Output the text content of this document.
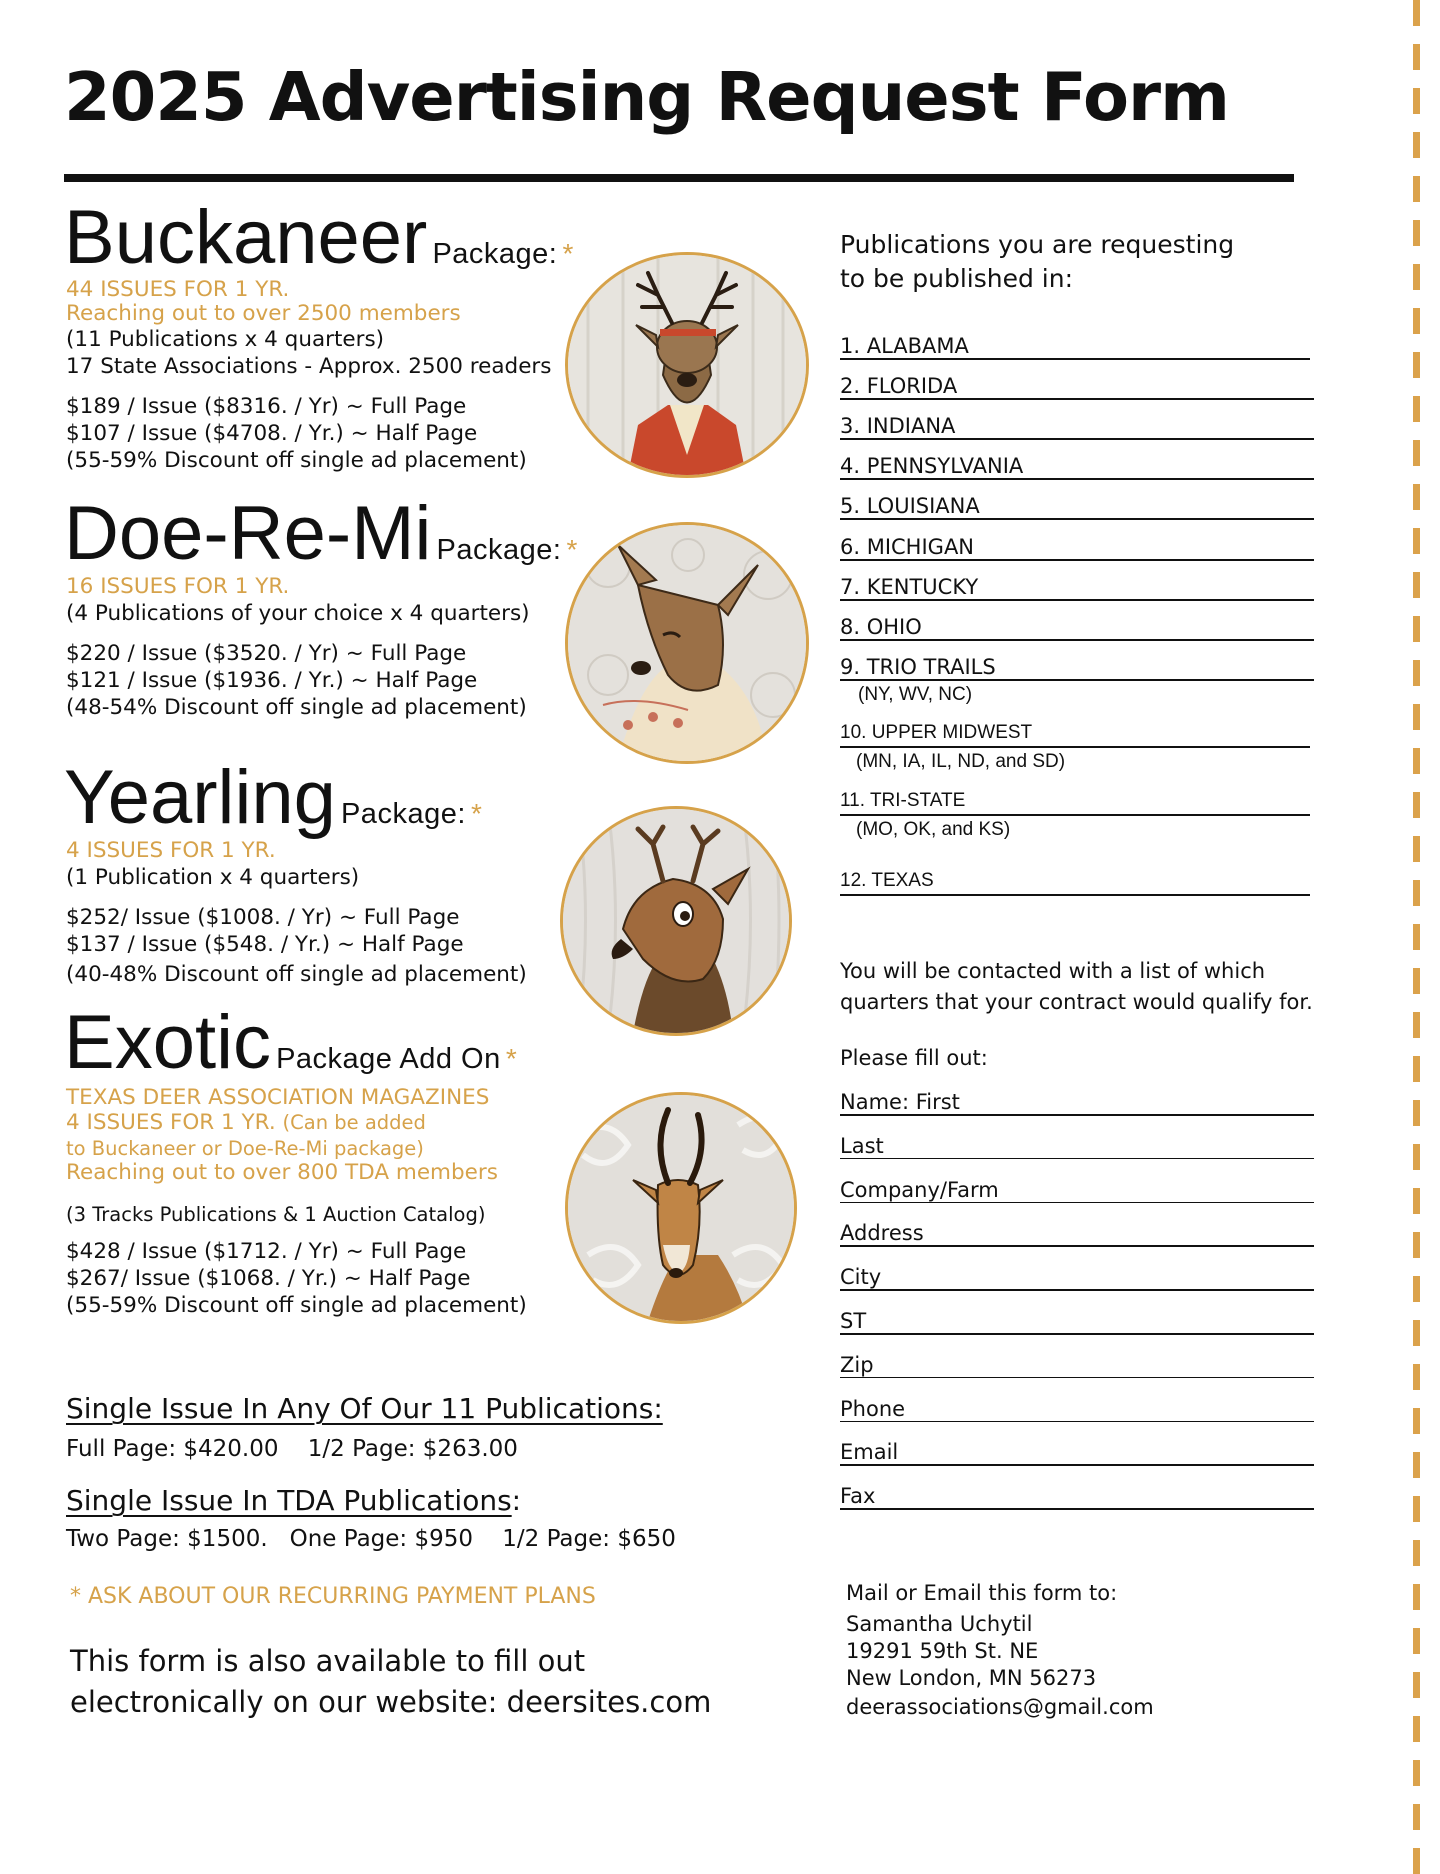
2025 Advertising Request Form
Buckaneer Package: *
44 ISSUES FOR 1 YR.
Reaching out to over 2500 members
(11 Publications x 4 quarters)
17 State Associations - Approx. 2500 readers
$189 / Issue ($8316. / Yr) ~ Full Page
$107 / Issue ($4708. / Yr.) ~ Half Page
(55-59% Discount off single ad placement)
Doe-Re-Mi Package: *
16 ISSUES FOR 1 YR.
(4 Publications of your choice x 4 quarters)
$220 / Issue ($3520. / Yr) ~ Full Page
$121 / Issue ($1936. / Yr.) ~ Half Page
(48-54% Discount off single ad placement)
Yearling Package: *
4 ISSUES FOR 1 YR.
(1 Publication x 4 quarters)
$252/ Issue ($1008. / Yr) ~ Full Page
$137 / Issue ($548. / Yr.) ~ Half Page
(40-48% Discount off single ad placement)
Exotic Package Add On *
TEXAS DEER ASSOCIATION MAGAZINES
4 ISSUES FOR 1 YR. (Can be added
to Buckaneer or Doe-Re-Mi package)
Reaching out to over 800 TDA members
(3 Tracks Publications & 1 Auction Catalog)
$428 / Issue ($1712. / Yr) ~ Full Page
$267/ Issue ($1068. / Yr.) ~ Half Page
(55-59% Discount off single ad placement)
Single Issue In Any Of Our 11 Publications:
Full Page: $420.00    1/2 Page: $263.00
Single Issue In TDA Publications:
Two Page: $1500.   One Page: $950    1/2 Page: $650
* ASK ABOUT OUR RECURRING PAYMENT PLANS
This form is also available to fill out
electronically on our website: deersites.com
Publications you are requesting
to be published in:
1. ALABAMA
2. FLORIDA
3. INDIANA
4. PENNSYLVANIA
5. LOUISIANA
6. MICHIGAN
7. KENTUCKY
8. OHIO
9. TRIO TRAILS
(NY, WV, NC)
10. UPPER MIDWEST
(MN, IA, IL, ND, and SD)
11. TRI-STATE
(MO, OK, and KS)
12. TEXAS
You will be contacted with a list of which
quarters that your contract would qualify for.
Please fill out:
Name: First
Last
Company/Farm
Address
City
ST
Zip
Phone
Email
Fax
Mail or Email this form to:
Samantha Uchytil
19291 59th St. NE
New London, MN 56273
deerassociations@gmail.com
